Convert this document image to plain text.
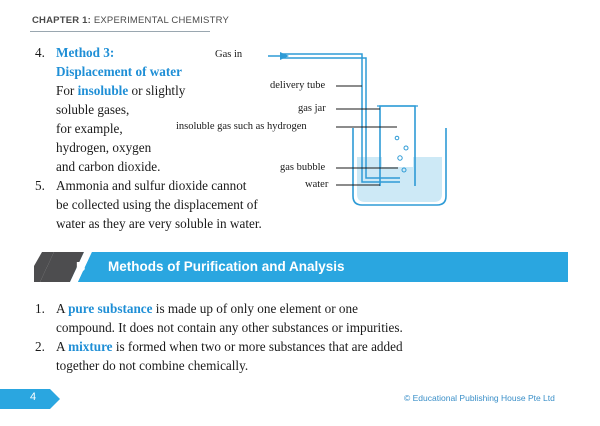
CHAPTER 1: EXPERIMENTAL CHEMISTRY
4. Method 3:
Displacement of water
For insoluble or slightly
soluble gases,
for example,
hydrogen, oxygen
and carbon dioxide.
5. Ammonia and sulfur dioxide cannot
be collected using the displacement of
water as they are very soluble in water.
Gas in
delivery tube
gas jar
insoluble gas such as hydrogen
gas bubble
water
B Methods of Purification and Analysis
1. A pure substance is made up of only one element or one
compound. It does not contain any other substances or impurities.
2. A mixture is formed when two or more substances that are added
together do not combine chemically.
4	© Educational Publishing House Pte Ltd
